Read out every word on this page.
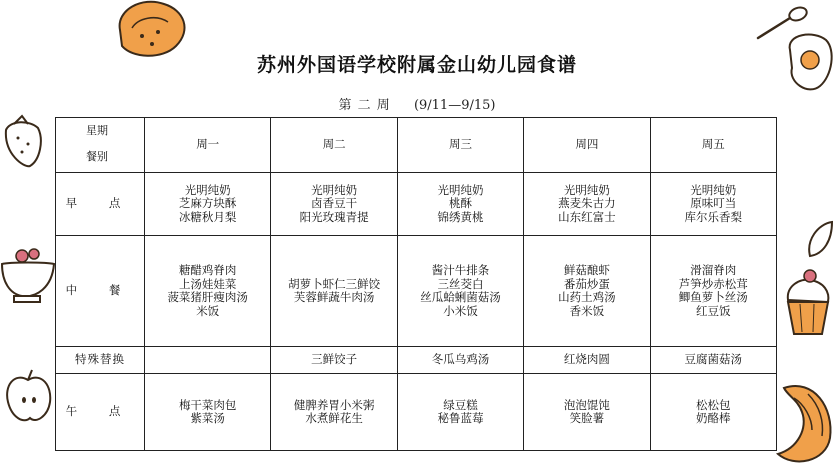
苏州外国语学校附属金山幼儿园食谱
第 二 周 (9/11—9/15)
星期
餐别	周一	周二	周三	周四	周五
早 点	光明纯奶
芝麻方块酥
冰糖秋月梨	光明纯奶
卤香豆干
阳光玫瑰青提	光明纯奶
桃酥
锦绣黄桃	光明纯奶
燕麦朱古力
山东红富士	光明纯奶
原味叮当
库尔乐香梨

中 餐	糖醋鸡脊肉
上汤娃娃菜
菠菜猪肝瘦肉汤
米饭	胡萝卜虾仁三鲜饺
芙蓉鲜蔬牛肉汤	酱汁牛排条
三丝茭白
丝瓜蛤蜊菌菇汤
小米饭	鲜菇酿虾
番茄炒蛋
山药土鸡汤
香米饭	滑溜脊肉
芦笋炒赤松茸
鲫鱼萝卜丝汤
红豆饭

特殊替换		三鲜饺子	冬瓜乌鸡汤	红烧肉圆	豆腐菌菇汤

午 点	梅干菜肉包
紫菜汤	健脾养胃小米粥
水煮鲜花生	绿豆糕
秘鲁蓝莓	泡泡馄饨
笑脸薯	松松包
奶酪棒
